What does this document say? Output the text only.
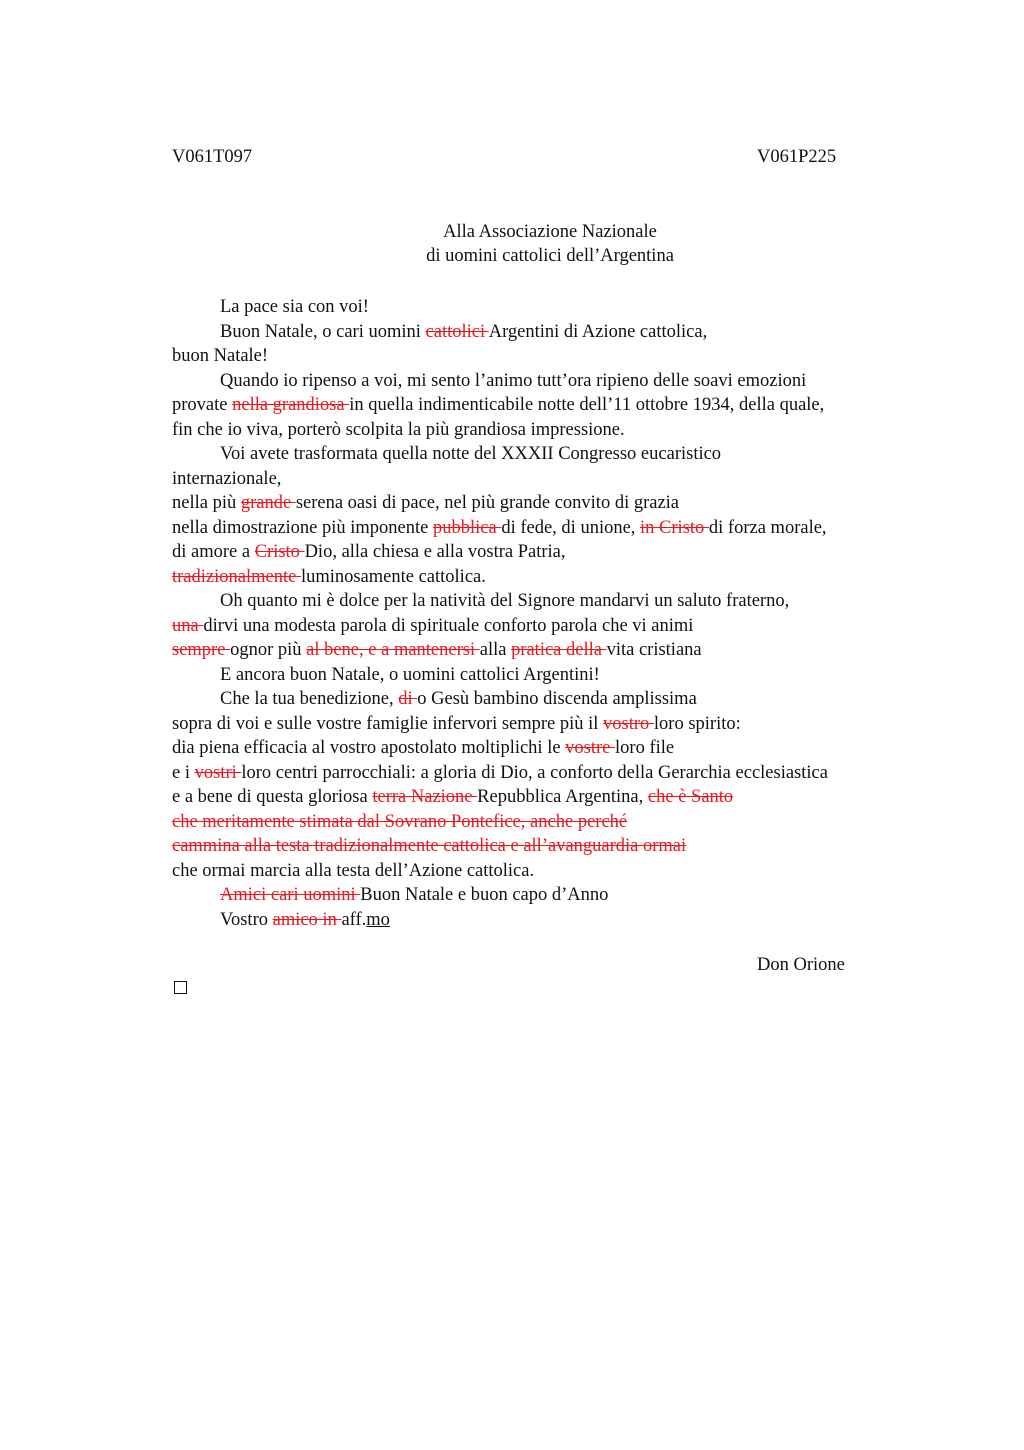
V061T097	V061P225
Alla Associazione Nazionale
di uomini cattolici dell’Argentina
La pace sia con voi!
Buon Natale, o cari uomini cattolici Argentini di Azione cattolica,
buon Natale!
Quando io ripenso a voi, mi sento l’animo tutt’ora ripieno delle soavi emozioni
provate nella grandiosa in quella indimenticabile notte dell’11 ottobre 1934, della quale,
fin che io viva, porterò scolpita la più grandiosa impressione.
Voi avete trasformata quella notte del XXXII Congresso eucaristico
internazionale,
nella più grande serena oasi di pace, nel più grande convito di grazia
nella dimostrazione più imponente pubblica di fede, di unione, in Cristo di forza morale,
di amore a Cristo Dio, alla chiesa e alla vostra Patria,
tradizionalmente luminosamente cattolica.
Oh quanto mi è dolce per la natività del Signore mandarvi un saluto fraterno,
una dirvi una modesta parola di spirituale conforto parola che vi animi
sempre ognor più al bene, e a mantenersi alla pratica della vita cristiana
E ancora buon Natale, o uomini cattolici Argentini!
Che la tua benedizione, di o Gesù bambino discenda amplissima
sopra di voi e sulle vostre famiglie infervori sempre più il vostro loro spirito:
dia piena efficacia al vostro apostolato moltiplichi le vostre loro file
e i vostri loro centri parrocchiali: a gloria di Dio, a conforto della Gerarchia ecclesiastica
e a bene di questa gloriosa terra Nazione Repubblica Argentina, che è Santo
che meritamente stimata dal Sovrano Pontefice, anche perché
cammina alla testa tradizionalmente cattolica e all’avanguardia ormai
che ormai marcia alla testa dell’Azione cattolica.
Amici cari uomini Buon Natale e buon capo d’Anno
Vostro amico in aff.mo
Don Orione
